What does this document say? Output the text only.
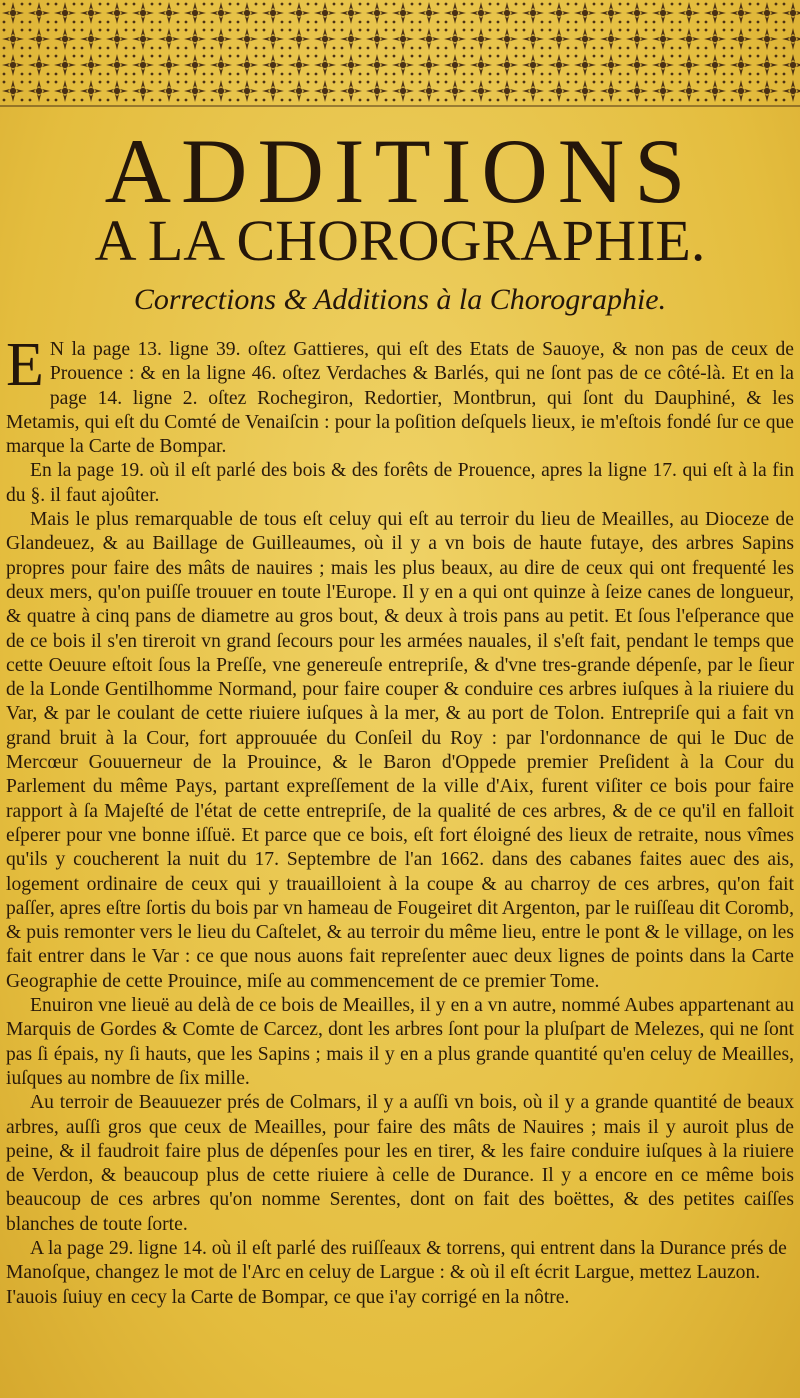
ADDITIONS
A LA CHOROGRAPHIE.
Corrections & Additions à la Chorographie.

E N la page 13. ligne 39. oſtez Gattieres, qui eſt des Etats de Sauoye, & non pas de ceux de Prouence : & en la ligne 46. oſtez Verdaches & Barlés, qui ne ſont pas de ce côté-là. Et en la page 14. ligne 2. oſtez Rochegiron, Redortier, Montbrun, qui ſont du Dauphiné, & les Metamis, qui eſt du Comté de Venaiſcin : pour la poſition deſquels lieux, ie m'eſtois fondé ſur ce que marque la Carte de Bompar.

En la page 19. où il eſt parlé des bois & des forêts de Prouence, apres la ligne 17. qui eſt à la fin du §. il faut ajoûter.

Mais le plus remarquable de tous eſt celuy qui eſt au terroir du lieu de Meailles, au Dioceze de Glandeuez, & au Baillage de Guilleaumes, où il y a vn bois de haute futaye, des arbres Sapins propres pour faire des mâts de nauires ; mais les plus beaux, au dire de ceux qui ont frequenté les deux mers, qu'on puiſſe trouuer en toute l'Europe. Il y en a qui ont quinze à ſeize canes de longueur, & quatre à cinq pans de diametre au gros bout, & deux à trois pans au petit. Et ſous l'eſperance que de ce bois il s'en tireroit vn grand ſecours pour les armées nauales, il s'eſt fait, pendant le temps que cette Oeuure eſtoit ſous la Preſſe, vne genereuſe entrepriſe, & d'vne tres-grande dépenſe, par le ſieur de la Londe Gentilhomme Normand, pour faire couper & conduire ces arbres iuſques à la riuiere du Var, & par le coulant de cette riuiere iuſques à la mer, & au port de Tolon. Entrepriſe qui a fait vn grand bruit à la Cour, fort approuuée du Conſeil du Roy : par l'ordonnance de qui le Duc de Mercœur Gouuerneur de la Prouince, & le Baron d'Oppede premier Preſident à la Cour du Parlement du même Pays, partant expreſſement de la ville d'Aix, furent viſiter ce bois pour faire rapport à ſa Majeſté de l'état de cette entrepriſe, de la qualité de ces arbres, & de ce qu'il en falloit eſperer pour vne bonne iſſuë. Et parce que ce bois, eſt fort éloigné des lieux de retraite, nous vîmes qu'ils y coucherent la nuit du 17. Septembre de l'an 1662. dans des cabanes faites auec des ais, logement ordinaire de ceux qui y trauailloient à la coupe & au charroy de ces arbres, qu'on fait paſſer, apres eſtre ſortis du bois par vn hameau de Fougeiret dit Argenton, par le ruiſſeau dit Coromb, & puis remonter vers le lieu du Caſtelet, & au terroir du même lieu, entre le pont & le village, on les fait entrer dans le Var : ce que nous auons fait repreſenter auec deux lignes de points dans la Carte Geographie de cette Prouince, miſe au commencement de ce premier Tome.

Enuiron vne lieuë au delà de ce bois de Meailles, il y en a vn autre, nommé Aubes appartenant au Marquis de Gordes & Comte de Carcez, dont les arbres ſont pour la pluſpart de Melezes, qui ne ſont pas ſi épais, ny ſi hauts, que les Sapins ; mais il y en a plus grande quantité qu'en celuy de Meailles, iuſques au nombre de ſix mille.

Au terroir de Beauuezer prés de Colmars, il y a auſſi vn bois, où il y a grande quantité de beaux arbres, auſſi gros que ceux de Meailles, pour faire des mâts de Nauires ; mais il y auroit plus de peine, & il faudroit faire plus de dépenſes pour les en tirer, & les faire conduire iuſques à la riuiere de Verdon, & beaucoup plus de cette riuiere à celle de Durance. Il y a encore en ce même bois beaucoup de ces arbres qu'on nomme Serentes, dont on fait des boëttes, & des petites caiſſes blanches de toute ſorte.

A la page 29. ligne 14. où il eſt parlé des ruiſſeaux & torrens, qui entrent dans la Durance prés de Manoſque, changez le mot de l'Arc en celuy de Largue : & où il eſt écrit Largue, mettez Lauzon. I'auois ſuiuy en cecy la Carte de Bompar, ce que i'ay corrigé en la nôtre.
